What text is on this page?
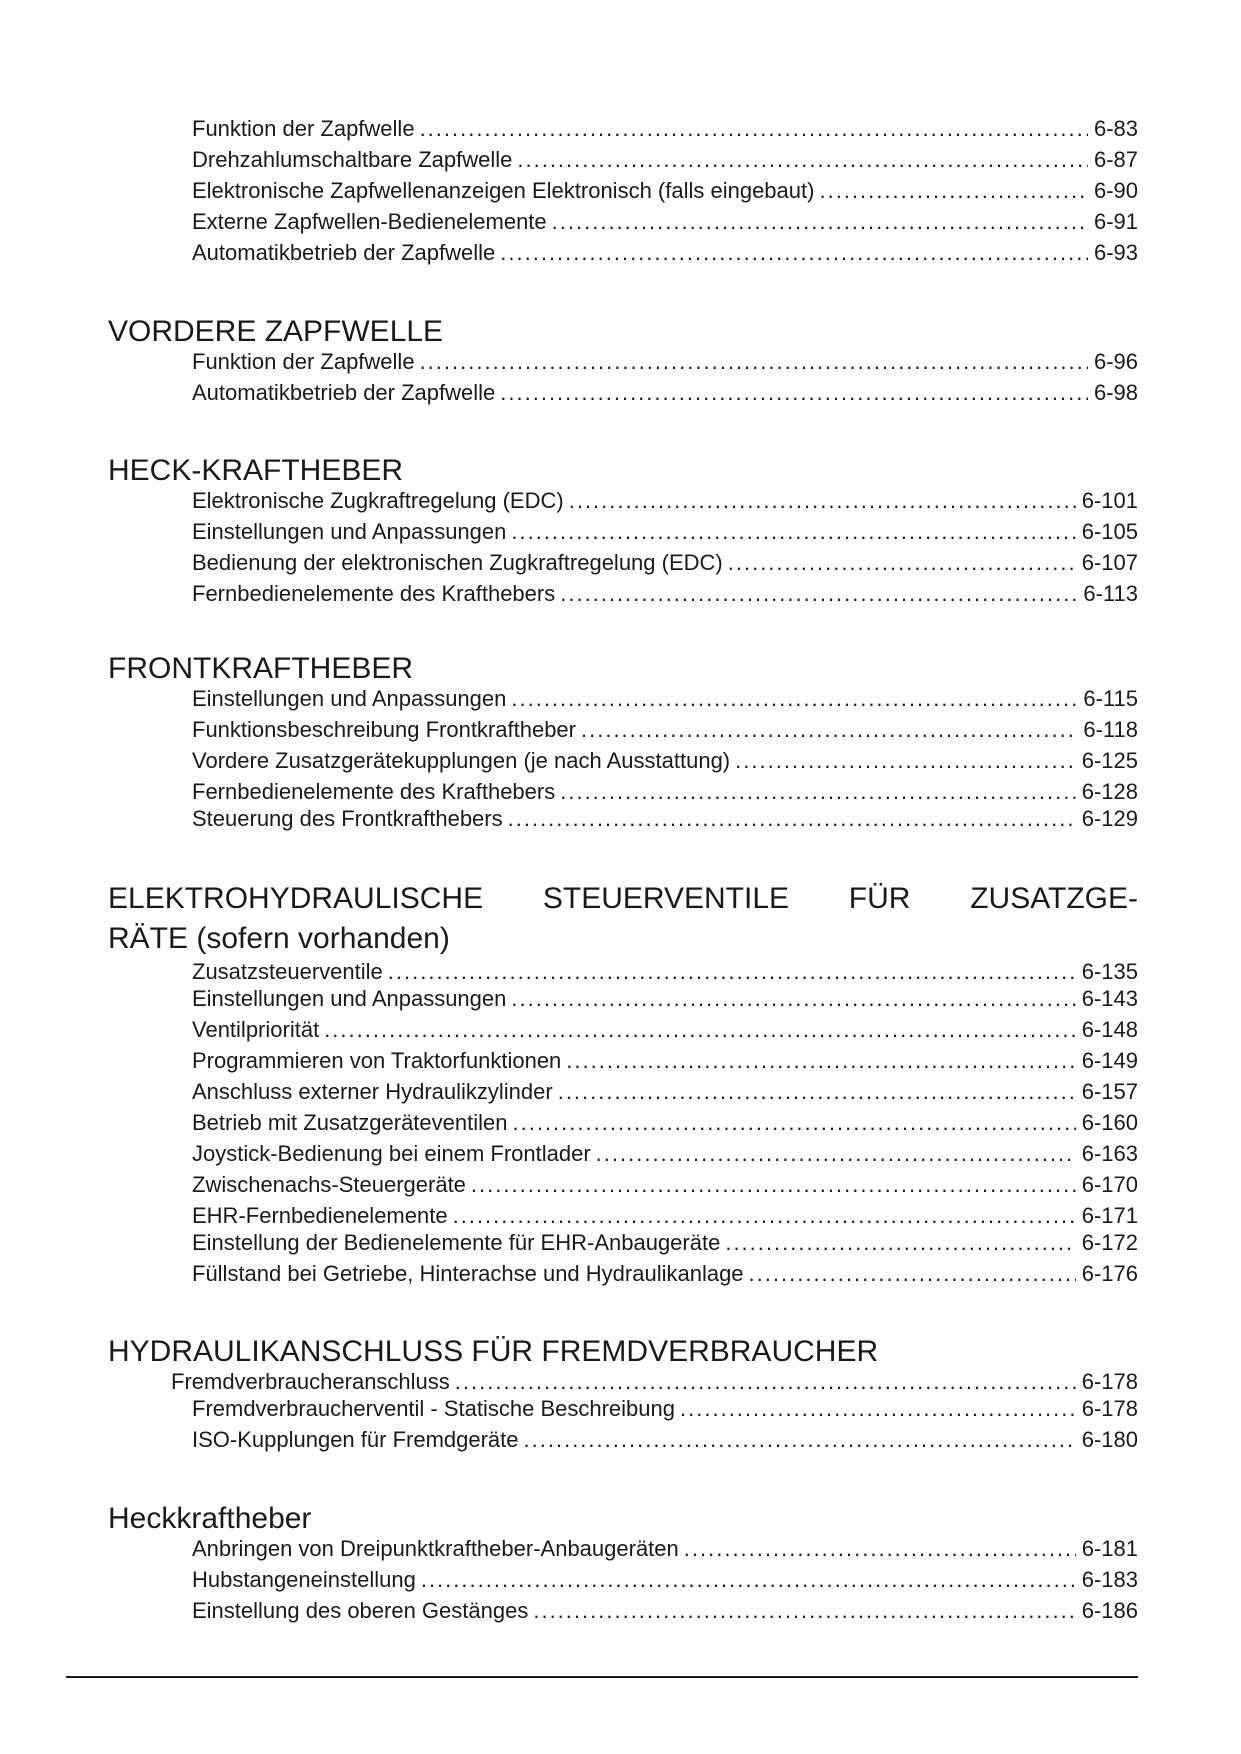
Funktion der Zapfwelle .....	6-83
Drehzahlumschaltbare Zapfwelle .....	6-87
Elektronische Zapfwellenanzeigen Elektronisch (falls eingebaut) .....	6-90
Externe Zapfwellen-Bedienelemente .....	6-91
Automatikbetrieb der Zapfwelle .....	6-93
VORDERE ZAPFWELLE
Funktion der Zapfwelle .....	6-96
Automatikbetrieb der Zapfwelle .....	6-98
HECK-KRAFTHEBER
Elektronische Zugkraftregelung (EDC) .....	6-101
Einstellungen und Anpassungen .....	6-105
Bedienung der elektronischen Zugkraftregelung (EDC) .....	6-107
Fernbedienelemente des Krafthebers .....	6-113
FRONTKRAFTHEBER
Einstellungen und Anpassungen .....	6-115
Funktionsbeschreibung Frontkraftheber .....	6-118
Vordere Zusatzgerätekupplungen (je nach Ausstattung) .....	6-125
Fernbedienelemente des Krafthebers .....	6-128
Steuerung des Frontkrafthebers .....	6-129
ELEKTROHYDRAULISCHE STEUERVENTILE FÜR ZUSATZGE-
RÄTE (sofern vorhanden)
Zusatzsteuerventile .....	6-135
Einstellungen und Anpassungen .....	6-143
Ventilpriorität .....	6-148
Programmieren von Traktorfunktionen .....	6-149
Anschluss externer Hydraulikzylinder .....	6-157
Betrieb mit Zusatzgeräteventilen .....	6-160
Joystick-Bedienung bei einem Frontlader .....	6-163
Zwischenachs-Steuergeräte .....	6-170
EHR-Fernbedienelemente .....	6-171
Einstellung der Bedienelemente für EHR-Anbaugeräte .....	6-172
Füllstand bei Getriebe, Hinterachse und Hydraulikanlage .....	6-176
HYDRAULIKANSCHLUSS FÜR FREMDVERBRAUCHER
Fremdverbraucheranschluss .....	6-178
Fremdverbraucherventil - Statische Beschreibung .....	6-178
ISO-Kupplungen für Fremdgeräte .....	6-180
Heckkraftheber
Anbringen von Dreipunktkraftheber-Anbaugeräten .....	6-181
Hubstangeneinstellung .....	6-183
Einstellung des oberen Gestänges .....	6-186
